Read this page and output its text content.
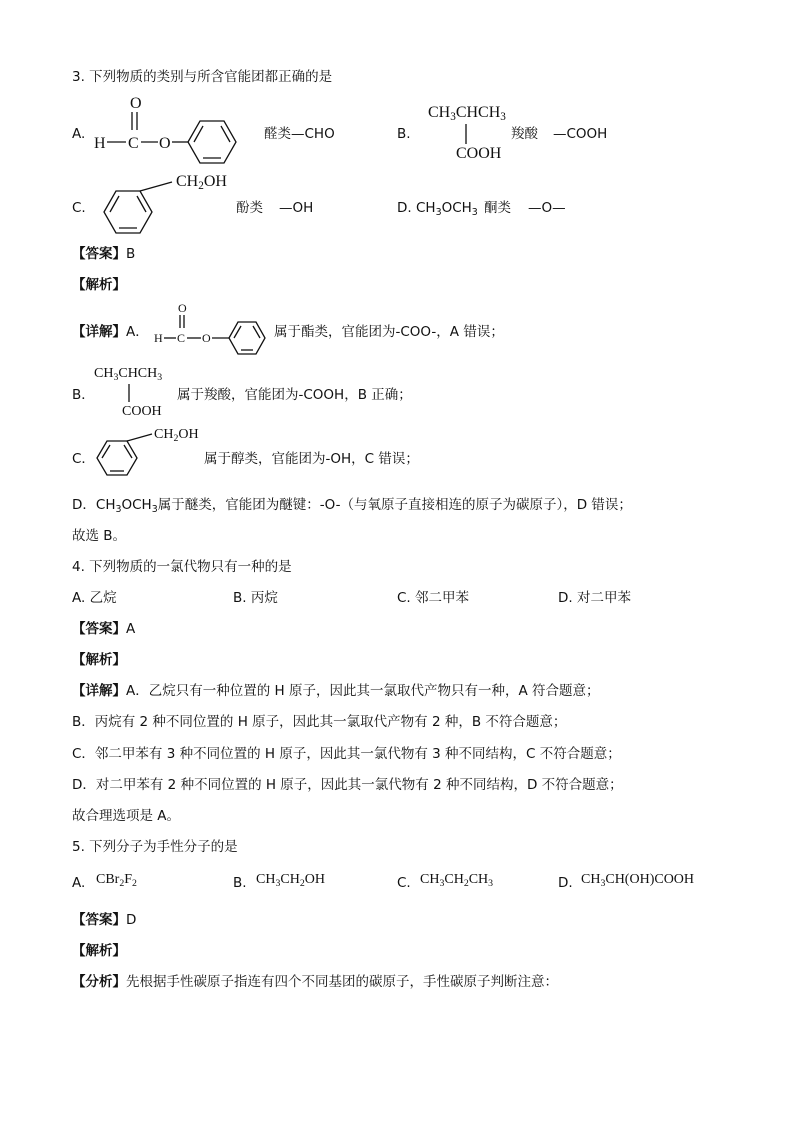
3. 下列物质的类别与所含官能团都正确的是
A.
O
H C O
醛类—CHO	B.
$CH_3CHCH_3$
COOH
羧酸 —COOH
C.
$CH_2OH$
酚类 —OH	D. $CH_3OCH_3$ 酮类 —O—
【答案】B
【解析】
【详解】A．
O
H C O	属于酯类，官能团为-COO-，A 错误；
B．
$CH_3CHCH_3$
COOH
属于羧酸，官能团为-COOH，B 正确；
C．
$CH_2OH$
属于醇类，官能团为-OH，C 错误；
D．$CH_3OCH_3$属于醚类，官能团为醚键：-O-（与氧原子直接相连的原子为碳原子），D 错误；
故选 B。
4. 下列物质的一氯代物只有一种的是
A. 乙烷	B. 丙烷	C. 邻二甲苯	D. 对二甲苯
【答案】A
【解析】
【详解】A．乙烷只有一种位置的 H 原子，因此其一氯取代产物只有一种，A 符合题意；
B．丙烷有 2 种不同位置的 H 原子，因此其一氯取代产物有 2 种，B 不符合题意；
C．邻二甲苯有 3 种不同位置的 H 原子，因此其一氯代物有 3 种不同结构，C 不符合题意；
D．对二甲苯有 2 种不同位置的 H 原子，因此其一氯代物有 2 种不同结构，D 不符合题意；
故合理选项是 A。
5. 下列分子为手性分子的是
A. $CBr_2F_2$	B. $CH_3CH_2OH$	C. $CH_3CH_2CH_3$	D. $CH_3CH(OH)COOH$
【答案】D
【解析】
【分析】先根据手性碳原子指连有四个不同基团的碳原子，手性碳原子判断注意：
